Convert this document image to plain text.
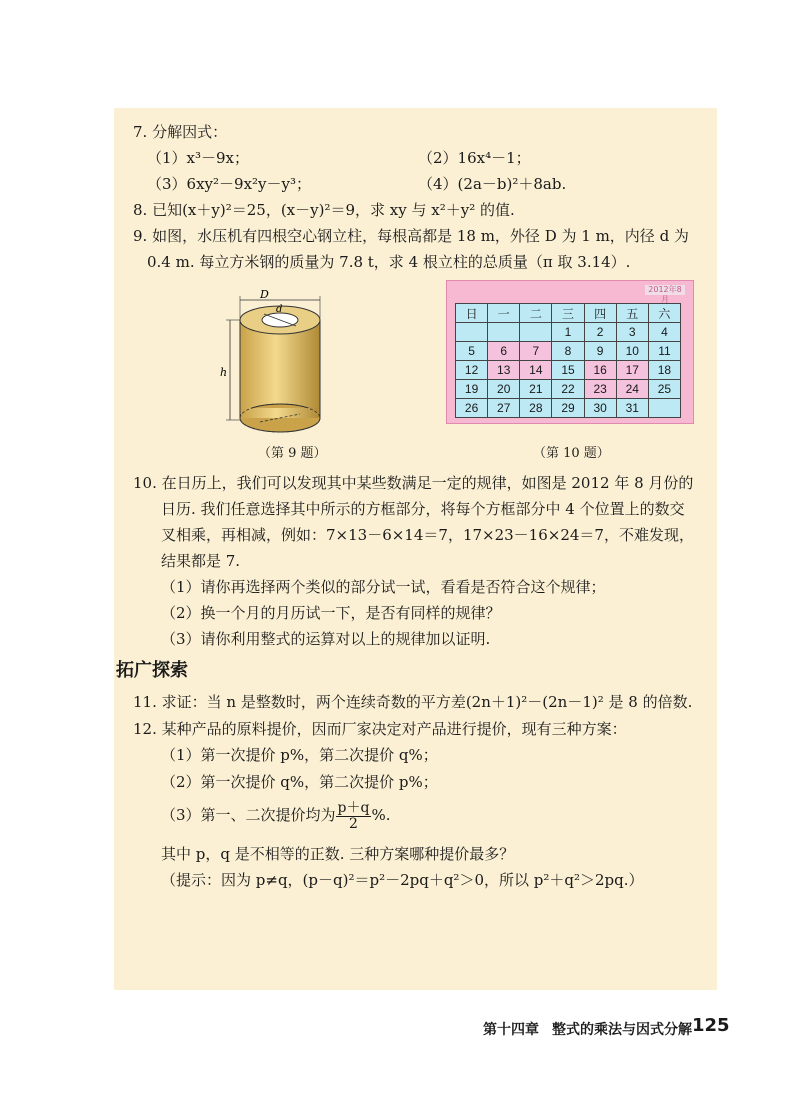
7. 分解因式：
（1）x³－9x；	（2）16x⁴－1；
（3）6xy²－9x²y－y³；	（4）(2a－b)²＋8ab.
8. 已知(x＋y)²＝25，(x－y)²＝9，求 xy 与 x²＋y² 的值.
9. 如图，水压机有四根空心钢立柱，每根高都是 18 m，外径 D 为 1 m，内径 d 为
0.4 m. 每立方米钢的质量为 7.8 t，求 4 根立柱的总质量（π 取 3.14）.
D
d
h
（第 9 题）
2012年8月
日	一	二	三	四	五	六
			1	2	3	4
5	6	7	8	9	10	11
12	13	14	15	16	17	18
19	20	21	22	23	24	25
26	27	28	29	30	31	
（第 10 题）
10. 在日历上，我们可以发现其中某些数满足一定的规律，如图是 2012 年 8 月份的
日历. 我们任意选择其中所示的方框部分，将每个方框部分中 4 个位置上的数交
叉相乘，再相减，例如：7×13－6×14＝7，17×23－16×24＝7，不难发现，
结果都是 7.
（1）请你再选择两个类似的部分试一试，看看是否符合这个规律；
（2）换一个月的月历试一下，是否有同样的规律？
（3）请你利用整式的运算对以上的规律加以证明.
拓广探索
11. 求证：当 n 是整数时，两个连续奇数的平方差(2n＋1)²－(2n－1)² 是 8 的倍数.
12. 某种产品的原料提价，因而厂家决定对产品进行提价，现有三种方案：
（1）第一次提价 p%，第二次提价 q%；
（2）第一次提价 q%，第二次提价 p%；
（3）第一、二次提价均为 $\frac{p+q}{2}$ %.
其中 p，q 是不相等的正数. 三种方案哪种提价最多？
（提示：因为 p≠q，(p－q)²＝p²－2pq＋q²＞0，所以 p²＋q²＞2pq.）
第十四章 整式的乘法与因式分解 125
